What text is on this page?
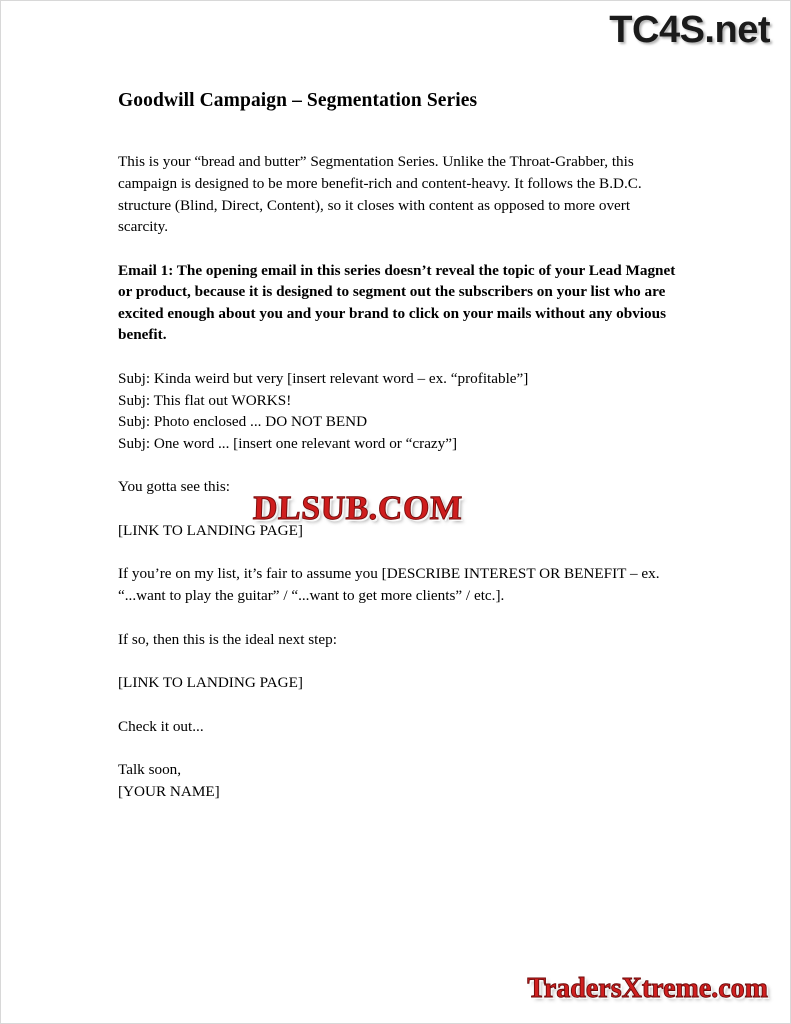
TC4S.net
Goodwill Campaign – Segmentation Series

This is your “bread and butter” Segmentation Series. Unlike the Throat-Grabber, this campaign is designed to be more benefit-rich and content-heavy. It follows the B.D.C. structure (Blind, Direct, Content), so it closes with content as opposed to more overt scarcity.

Email 1: The opening email in this series doesn’t reveal the topic of your Lead Magnet or product, because it is designed to segment out the subscribers on your list who are excited enough about you and your brand to click on your mails without any obvious benefit.

Subj: Kinda weird but very [insert relevant word – ex. “profitable”]
Subj: This flat out WORKS!
Subj: Photo enclosed ... DO NOT BEND
Subj: One word ... [insert one relevant word or “crazy”]

You gotta see this:

[LINK TO LANDING PAGE]

If you’re on my list, it’s fair to assume you [DESCRIBE INTEREST OR BENEFIT – ex. “...want to play the guitar” / “...want to get more clients” / etc.].

If so, then this is the ideal next step:

[LINK TO LANDING PAGE]

Check it out...

Talk soon,
[YOUR NAME]
DLSUB.COM
TradersXtreme.com
